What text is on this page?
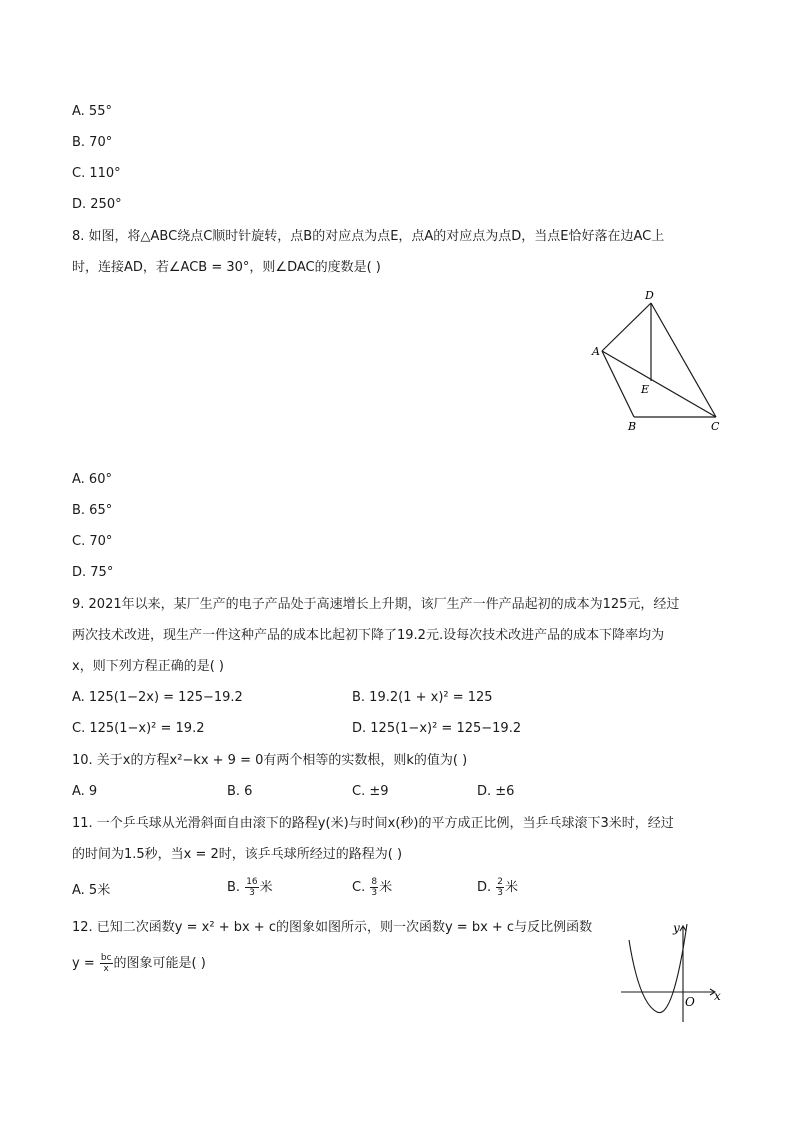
A. 55°
B. 70°
C. 110°
D. 250°
8. 如图，将△ABC绕点C顺时针旋转，点B的对应点为点E，点A的对应点为点D，当点E恰好落在边AC上
时，连接AD，若∠ACB = 30°，则∠DAC的度数是( )
D
A
E
B	C
A. 60°
B. 65°
C. 70°
D. 75°
9. 2021年以来，某厂生产的电子产品处于高速增长上升期，该厂生产一件产品起初的成本为125元，经过
两次技术改进，现生产一件这种产品的成本比起初下降了19.2元.设每次技术改进产品的成本下降率均为
x，则下列方程正确的是( )
A. 125(1−2x) = 125−19.2	B. 19.2(1 + x)² = 125
C. 125(1−x)² = 19.2	D. 125(1−x)² = 125−19.2
10. 关于x的方程x²−kx + 9 = 0有两个相等的实数根，则k的值为( )
A. 9	B. 6	C. ±9	D. ±6
11. 一个乒乓球从光滑斜面自由滚下的路程y(米)与时间x(秒)的平方成正比例，当乒乓球滚下3米时，经过
的时间为1.5秒，当x = 2时，该乒乓球所经过的路程为( )
A. 5米	B. $\frac{16}{3}$ 米	C. $\frac{8}{3}$ 米	D. $\frac{2}{3}$ 米
12. 已知二次函数y = x² + bx + c的图象如图所示，则一次函数y = bx + c与反比例函数
$y = \frac{bc}{x}$ 的图象可能是( )
y
x
O
